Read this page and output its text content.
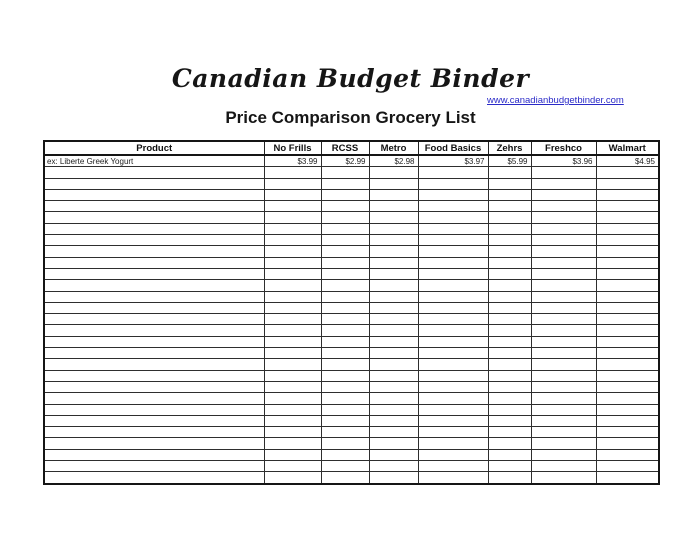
Canadian Budget Binder
www.canadianbudgetbinder.com
Price Comparison Grocery List
Product	No Frills	RCSS	Metro	Food Basics	Zehrs	Freshco	Walmart
ex: Liberte Greek Yogurt	$3.99	$2.99	$2.98	$3.97	$5.99	$3.96	$4.95
